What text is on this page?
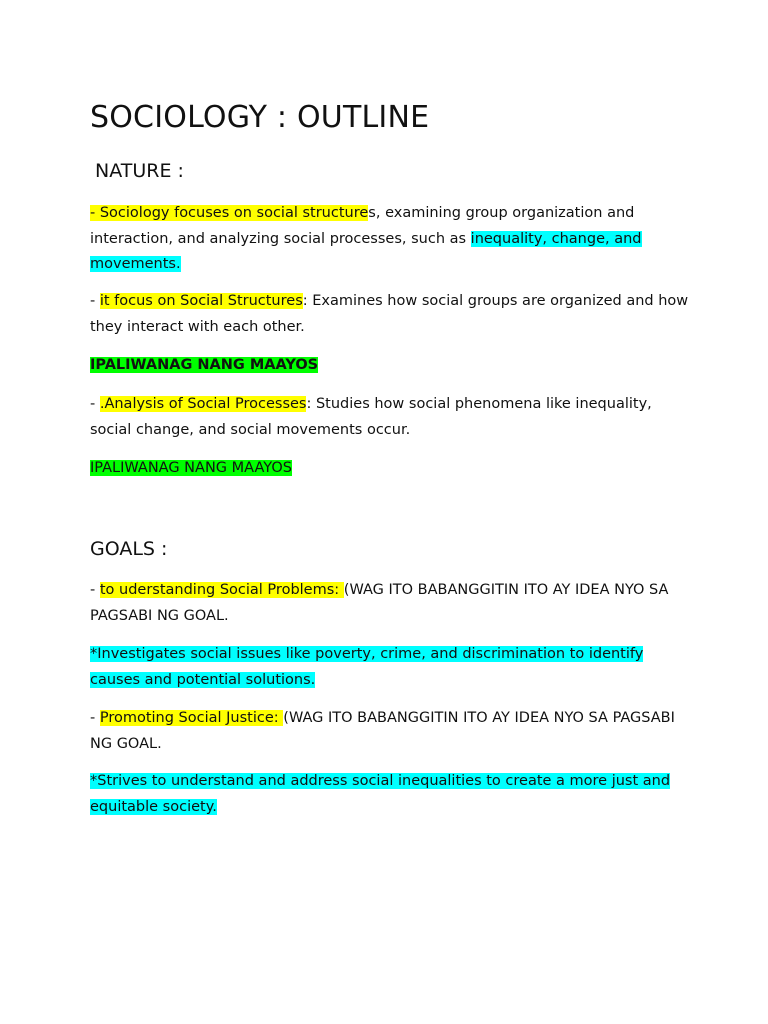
SOCIOLOGY : OUTLINE
NATURE :
- Sociology focuses on social structures, examining group organization and interaction, and analyzing social processes, such as inequality, change, and movements.
- it focus on Social Structures: Examines how social groups are organized and how they interact with each other.
IPALIWANAG NANG MAAYOS
- .Analysis of Social Processes: Studies how social phenomena like inequality, social change, and social movements occur.
IPALIWANAG NANG MAAYOS
GOALS :
- to uderstanding Social Problems: (WAG ITO BABANGGITIN ITO AY IDEA NYO SA PAGSABI NG GOAL.
*Investigates social issues like poverty, crime, and discrimination to identify causes and potential solutions.
- Promoting Social Justice: (WAG ITO BABANGGITIN ITO AY IDEA NYO SA PAGSABI NG GOAL.
*Strives to understand and address social inequalities to create a more just and equitable society.
